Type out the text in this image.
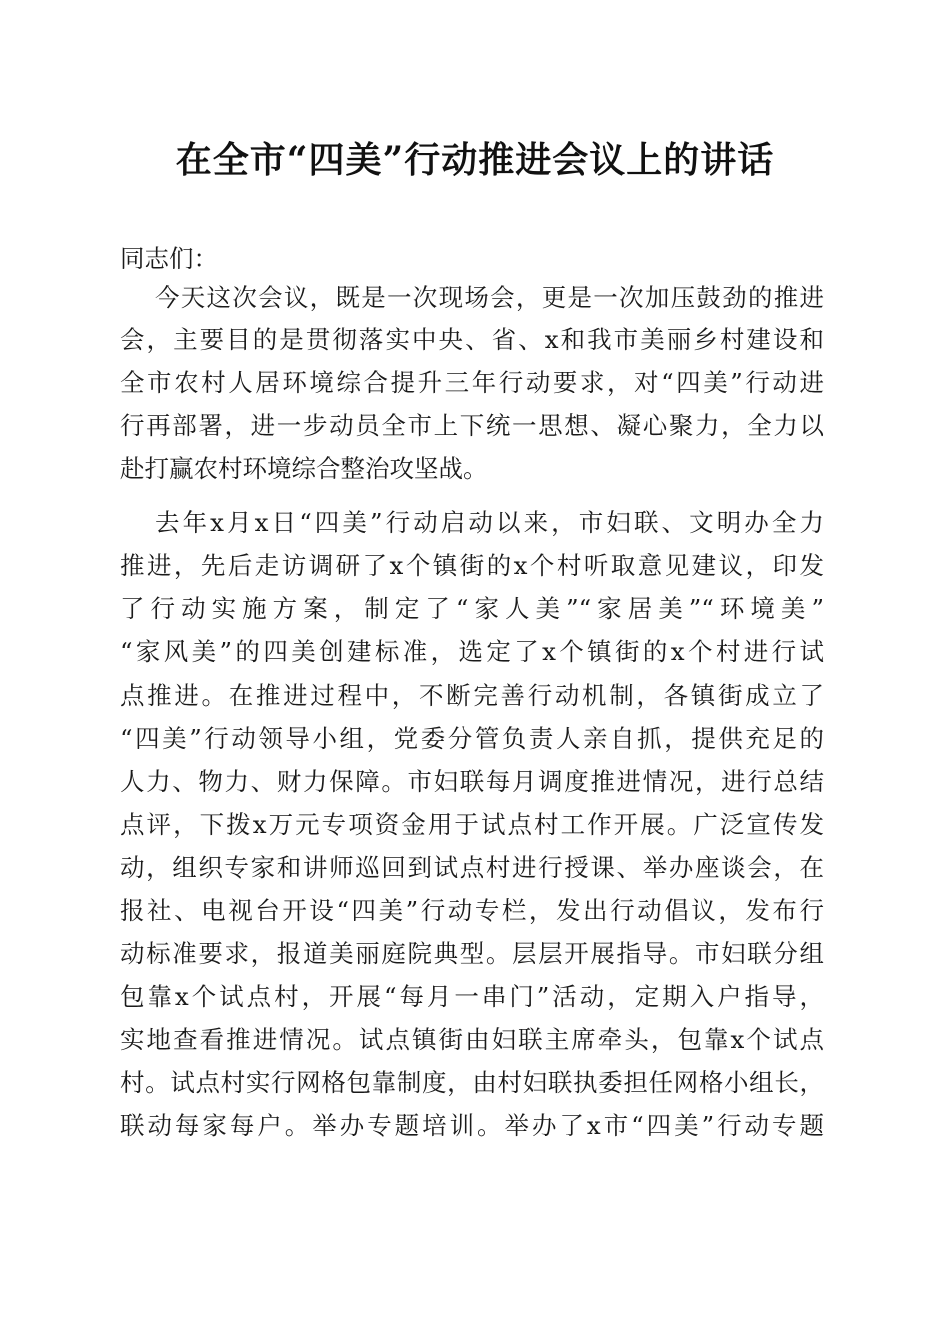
在全市“四美”行动推进会议上的讲话
同志们：
今天这次会议，既是一次现场会，更是一次加压鼓劲的推进
会，主要目的是贯彻落实中央、省、x和我市美丽乡村建设和
全市农村人居环境综合提升三年行动要求，对“四美”行动进
行再部署，进一步动员全市上下统一思想、凝心聚力，全力以
赴打赢农村环境综合整治攻坚战。
去年x月x日“四美”行动启动以来，市妇联、文明办全力
推进，先后走访调研了x个镇街的x个村听取意见建议，印发
了行动实施方案，制定了“家人美”“家居美”“环境美”
“家风美”的四美创建标准，选定了x个镇街的x个村进行试
点推进。在推进过程中，不断完善行动机制，各镇街成立了
“四美”行动领导小组，党委分管负责人亲自抓，提供充足的
人力、物力、财力保障。市妇联每月调度推进情况，进行总结
点评，下拨x万元专项资金用于试点村工作开展。广泛宣传发
动，组织专家和讲师巡回到试点村进行授课、举办座谈会，在
报社、电视台开设“四美”行动专栏，发出行动倡议，发布行
动标准要求，报道美丽庭院典型。层层开展指导。市妇联分组
包靠x个试点村，开展“每月一串门”活动，定期入户指导，
实地查看推进情况。试点镇街由妇联主席牵头，包靠x个试点
村。试点村实行网格包靠制度，由村妇联执委担任网格小组长，
联动每家每户。举办专题培训。举办了x市“四美”行动专题
